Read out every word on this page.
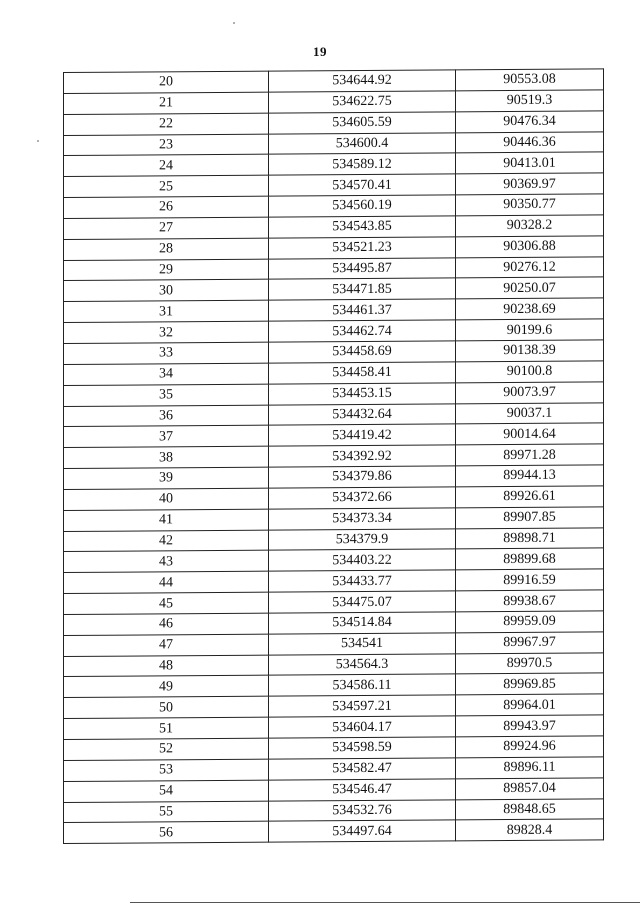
19
20	534644.92	90553.08
21	534622.75	90519.3
22	534605.59	90476.34
23	534600.4	90446.36
24	534589.12	90413.01
25	534570.41	90369.97
26	534560.19	90350.77
27	534543.85	90328.2
28	534521.23	90306.88
29	534495.87	90276.12
30	534471.85	90250.07
31	534461.37	90238.69
32	534462.74	90199.6
33	534458.69	90138.39
34	534458.41	90100.8
35	534453.15	90073.97
36	534432.64	90037.1
37	534419.42	90014.64
38	534392.92	89971.28
39	534379.86	89944.13
40	534372.66	89926.61
41	534373.34	89907.85
42	534379.9	89898.71
43	534403.22	89899.68
44	534433.77	89916.59
45	534475.07	89938.67
46	534514.84	89959.09
47	534541	89967.97
48	534564.3	89970.5
49	534586.11	89969.85
50	534597.21	89964.01
51	534604.17	89943.97
52	534598.59	89924.96
53	534582.47	89896.11
54	534546.47	89857.04
55	534532.76	89848.65
56	534497.64	89828.4
